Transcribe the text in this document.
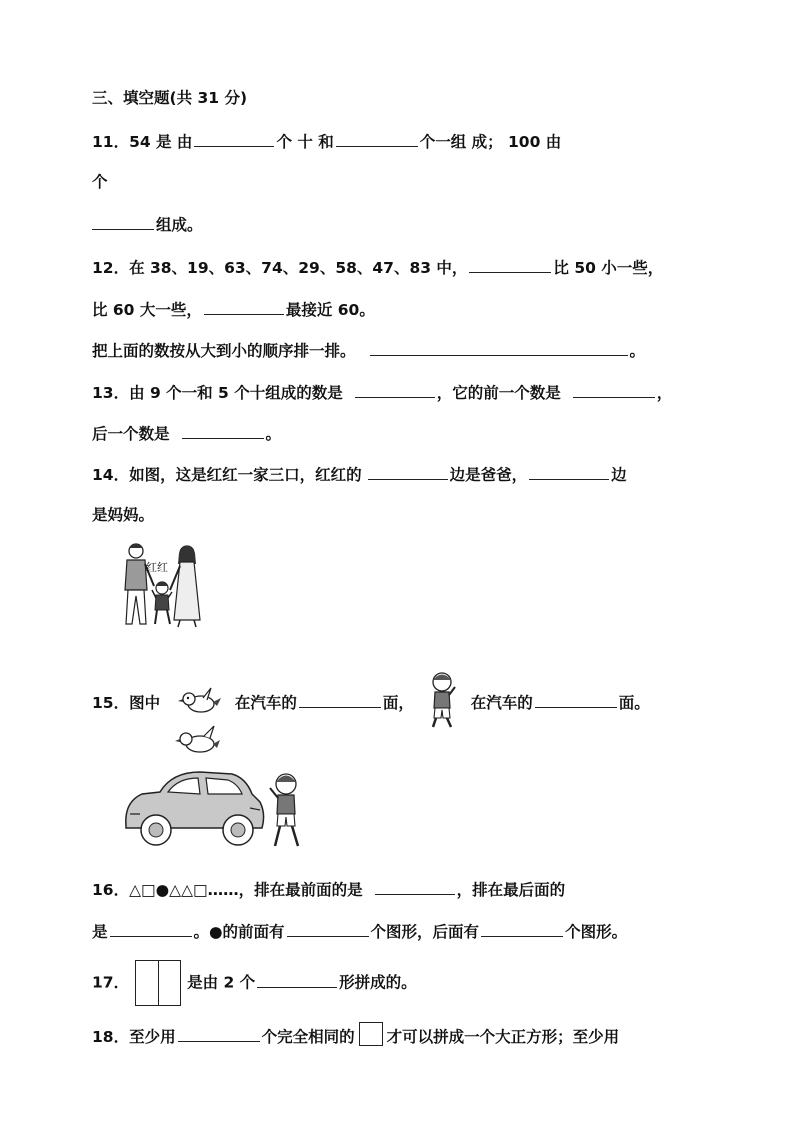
三、填空题(共 31 分)
11．54 是 由	个 十 和	个一组 成； 100 由
个
组成。
12．在 38、19、63、74、29、58、47、83 中，	比 50 小一些，
比 60 大一些，	最接近 60。
把上面的数按从大到小的顺序排一排。	。
13．由 9 个一和 5 个十组成的数是	，它的前一个数是	，
后一个数是	。
14．如图，这是红红一家三口，红红的	边是爸爸，	边
是妈妈。
红红
15．图中	在汽车的	面，	在汽车的	面。
16．△□●△△□……，排在最前面的是	，排在最后面的
是	。●的前面有	个图形，后面有	个图形。
17．	是由 2 个	形拼成的。
18．至少用	个完全相同的 才可以拼成一个大正方形；至少用
